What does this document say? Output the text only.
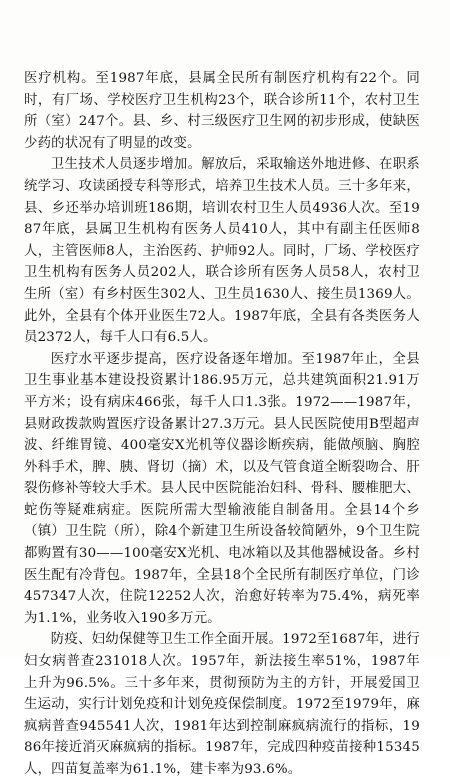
医疗机构。至1987年底，县属全民所有制医疗机构有22个。同时，有厂场、学校医疗卫生机构23个，联合诊所11个，农村卫生所（室）247个。县、乡、村三级医疗卫生网的初步形成，使缺医少药的状况有了明显的改变。

卫生技术人员逐步增加。解放后，采取输送外地进修、在职系统学习、攻读函授专科等形式，培养卫生技术人员。三十多年来，县、乡还举办培训班186期，培训农村卫生人员4936人次。至1987年底，县属卫生机构有医务人员410人，其中有副主任医师8人，主管医师8人，主治医药、护师92人。同时，厂场、学校医疗卫生机构有医务人员202人，联合诊所有医务人员58人，农村卫生所（室）有乡村医生302人、卫生员1630人、接生员1369人。此外，全县有个体开业医生72人。1987年底，全县有各类医务人员2372人，每千人口有6.5人。

医疗水平逐步提高，医疗设备逐年增加。至1987年止，全县卫生事业基本建设投资累计186.95万元，总共建筑面积21.91万平方米；设有病床466张，每千人口1.3张。1972——1987年，县财政拨款购置医疗设备累计27.3万元。县人民医院使用B型超声波、纤维胃镜、400毫安X光机等仪器诊断疾病，能做颅脑、胸腔外科手术，脾、胰、肾切（摘）术，以及气管食道全断裂吻合、肝裂伤修补等较大手术。县人民中医院能治妇科、骨科、腰椎肥大、蛇伤等疑难病症。医院所需大型输液能自制备用。全县14个乡（镇）卫生院（所），除4个新建卫生所设备较简陋外，9个卫生院都购置有30——100毫安X光机、电冰箱以及其他器械设备。乡村医生配有冷背包。1987年，全县18个全民所有制医疗单位，门诊457347人次，住院12252人次，治愈好转率为75.4%，病死率为1.1%，业务收入190多万元。

防疫、妇幼保健等卫生工作全面开展。1972至1687年，进行妇女病普查231018人次。1957年，新法接生率51%，1987年上升为96.5%。三十多年来，贯彻预防为主的方针，开展爱国卫生运动，实行计划免疫和计划免疫保偿制度。1972至1979年，麻疯病普查945541人次，1981年达到控制麻疯病流行的指标，1986年接近消灭麻疯病的指标。1987年，完成四种疫苗接种15345人，四苗复盖率为61.1%，建卡率为93.6%。
